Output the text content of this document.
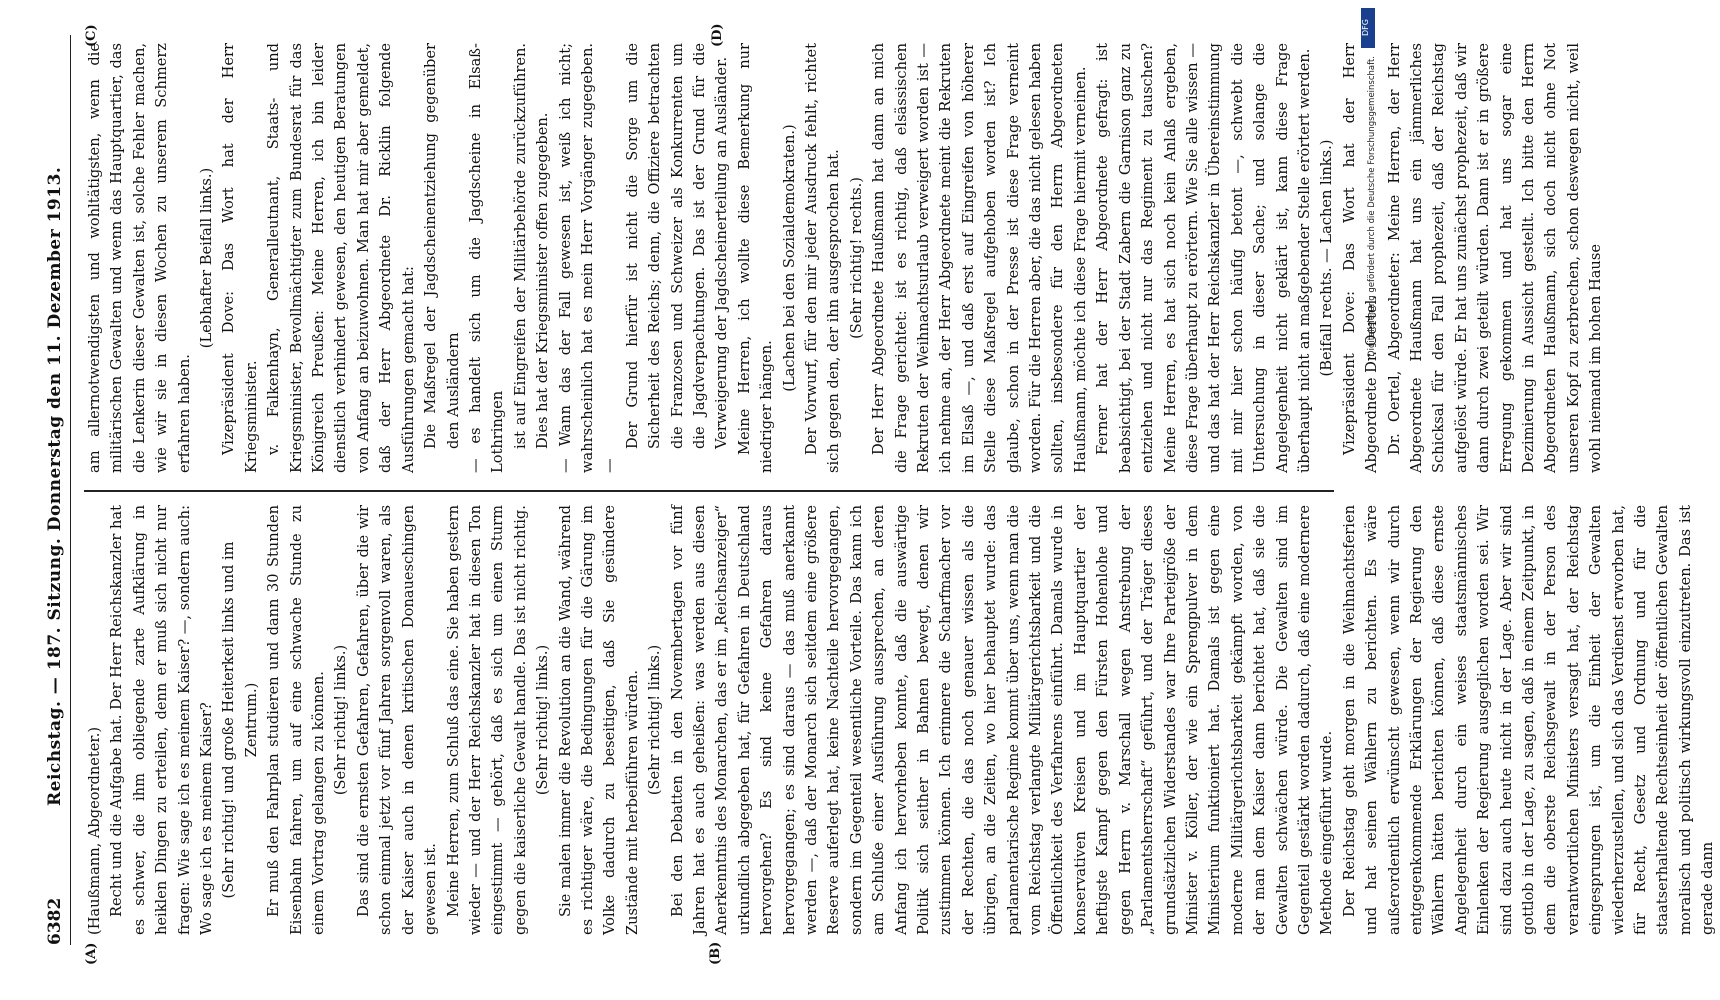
6382
Reichstag. — 187. Sitzung. Donnerstag den 11. Dezember 1913.
(A)	(B)
(C)	(D)

(Haußmann, Abgeordneter.) Recht und die Aufgabe hat. Der Herr Reichskanzler hat es schwer, die ihm obliegende zarte Aufklärung in heiklen Dingen zu erteilen, denn er muß sich nicht nur fragen: Wie sage ich es meinem Kaiser? —, sondern auch: Wo sage ich es meinem Kaiser? (Sehr richtig! und große Heiterkeit links und im Zentrum.) Er muß den Fahrplan studieren und dann 30 Stunden Eisenbahn fahren, um auf eine schwache Stunde zu einem Vortrag gelangen zu können. (Sehr richtig! links.) Das sind die ernsten Gefahren, Gefahren, über die wir schon einmal jetzt vor fünf Jahren sorgenvoll waren, als der Kaiser auch in denen kritischen Donaueschingen gewesen ist. Meine Herren, zum Schluß das eine. Sie haben gestern wieder — und der Herr Reichskanzler hat in diesen Ton eingestimmt — gehört, daß es sich um einen Sturm gegen die kaiserliche Gewalt handle. Das ist nicht richtig. (Sehr richtig! links.) Sie malen immer die Revolution an die Wand, während es richtiger wäre, die Bedingungen für die Gärung im Volke dadurch zu beseitigen, daß Sie gesündere Zustände mit herbeiführen würden. (Sehr richtig! links.) Bei den Debatten in den Novembertagen vor fünf Jahren hat es auch geheißen: was werden aus diesen Anerkenntnis des Monarchen, das er im „Reichsanzeiger“ urkundlich abgegeben hat, für Gefahren in Deutschland hervorgehen? Es sind keine Gefahren daraus hervorgegangen; es sind daraus — das muß anerkannt werden —, daß der Monarch sich seitdem eine größere Reserve auferlegt hat, keine Nachteile hervorgegangen, sondern im Gegenteil wesentliche Vorteile. Das kann ich am Schluße einer Ausführung aussprechen, an deren Anfang ich hervorheben konnte, daß die auswärtige Politik sich seither in Bahnen bewegt, denen wir zustimmen können. Ich erinnere die Scharfmacher vor der Rechten, die das noch genauer wissen als die übrigen, an die Zeiten, wo hier behauptet wurde: das parlamentarische Regime kommt über uns, wenn man die vom Reichstag verlangte Militärgerichtsbarkeit und die Öffentlichkeit des Verfahrens einführt. Damals wurde in konservativen Kreisen und im Hauptquartier der heftigste Kampf gegen den Fürsten Hohenlohe und gegen Herrn v. Marschall wegen Anstrebung der „Parlamentsherrschaft“ geführt, und der Träger dieses grundsätzlichen Widerstandes war Ihre Parteigröße der Minister v. Köller, der wie ein Sprengpulver in dem Ministerium funktioniert hat. Damals ist gegen eine moderne Militärgerichtsbarkeit gekämpft worden, von der man dem Kaiser dann berichtet hat, daß sie die Gewalten schwächen würde. Die Gewalten sind im Gegenteil gestärkt worden dadurch, daß eine modernere Methode eingeführt wurde. Der Reichstag geht morgen in die Weihnachtsferien und hat seinen Wählern zu berichten. Es wäre außerordentlich erwünscht gewesen, wenn wir durch entgegenkommende Erklärungen der Regierung den Wählern hätten berichten können, daß diese ernste Angelegenheit durch ein weises staatsmännisches Einlenken der Regierung ausgeglichen worden sei. Wir sind dazu auch heute nicht in der Lage. Aber wir sind gottlob in der Lage, zu sagen, daß in einem Zeitpunkt, in dem die oberste Reichsgewalt in der Person des verantwortlichen Ministers versagt hat, der Reichstag eingesprungen ist, um die Einheit der Gewalten wiederherzustellen, und sich das Verdienst erworben hat, für Recht, Gesetz und Ordnung und für die staatserhaltende Rechtseinheit der öffentlichen Gewalten moralisch und politisch wirkungsvoll einzutreten. Das ist gerade dann

am allernotwendigsten und wohltätigsten, wenn die militärischen Gewalten und wenn das Hauptquartier, das die Lenkerin dieser Gewalten ist, solche Fehler machen, wie wir sie in diesen Wochen zu unserem Schmerz erfahren haben.

(Lebhafter Beifall links.) Vizepräsident Dove: Das Wort hat der Herr Kriegsminister. v. Falkenhayn, Generalleutnant, Staats- und Kriegsminister, Bevollmächtigter zum Bundesrat für das Königreich Preußen: Meine Herren, ich bin leider dienstlich verhindert gewesen, den heutigen Beratungen von Anfang an beizuwohnen. Man hat mir aber gemeldet, daß der Herr Abgeordnete Dr. Ricklin folgende Ausführungen gemacht hat: Die Maßregel der Jagdscheinentziehung gegenüber den Ausländern — es handelt sich um die Jagdscheine in Elsaß-Lothringen ist auf Eingreifen der Militärbehörde zurückzuführen. Dies hat der Kriegsminister offen zugegeben. — Wann das der Fall gewesen ist, weiß ich nicht; wahrscheinlich hat es mein Herr Vorgänger zugegeben. —

Der Grund hierfür ist nicht die Sorge um die Sicherheit des Reichs; denn, die Offiziere betrachten die Franzosen und Schweizer als Konkurrenten um die Jagdverpachtungen. Das ist der Grund für die Verweigerung der Jagdscheinerteilung an Ausländer. Meine Herren, ich wollte diese Bemerkung nur niedriger hängen.

(Lachen bei den Sozialdemokraten.) Der Vorwurf, für den mir jeder Ausdruck fehlt, richtet sich gegen den, der ihn ausgesprochen hat. (Sehr richtig! rechts.) Der Herr Abgeordnete Haußmann hat dann an mich die Frage gerichtet: ist es richtig, daß elsässischen Rekruten der Weihnachtsurlaub verweigert worden ist — ich nehme an, der Herr Abgeordnete meint die Rekruten im Elsaß —, und daß erst auf Eingreifen von höherer Stelle diese Maßregel aufgehoben worden ist? Ich glaube, schon in der Presse ist diese Frage verneint worden. Für die Herren aber, die das nicht gelesen haben sollten, insbesondere für den Herrn Abgeordneten Haußmann, möchte ich diese Frage hiermit verneinen. Ferner hat der Herr Abgeordnete gefragt: ist beabsichtigt, bei der Stadt Zabern die Garnison ganz zu entziehen und nicht nur das Regiment zu tauschen? Meine Herren, es hat sich noch kein Anlaß ergeben, diese Frage überhaupt zu erörtern. Wie Sie alle wissen — und das hat der Herr Reichskanzler in Übereinstimmung mit mir hier schon häufig betont —, schwebt die Untersuchung in dieser Sache; und solange die Angelegenheit nicht geklärt ist, kann diese Frage überhaupt nicht an maßgebender Stelle erörtert werden. (Beifall rechts. — Lachen links.) Vizepräsident Dove: Das Wort hat der Herr Abgeordnete Dr. Oertel. Dr. Oertel, Abgeordneter: Meine Herren, der Herr Abgeordnete Haußmann hat uns ein jämmerliches Schicksal für den Fall prophezeit, daß der Reichstag aufgelöst würde. Er hat uns zunächst prophezeit, daß wir dann durch zwei geteilt würden. Dann ist er in größere Erregung gekommen und hat uns sogar eine Dezimierung in Aussicht gestellt. Ich bitte den Herrn Abgeordneten Haußmann, sich doch nicht ohne Not unseren Kopf zu zerbrechen, schon deswegen nicht, weil wohl niemand im hohen Hause

DFG
Digitalisierung gefördert durch die Deutsche Forschungsgemeinschaft.
